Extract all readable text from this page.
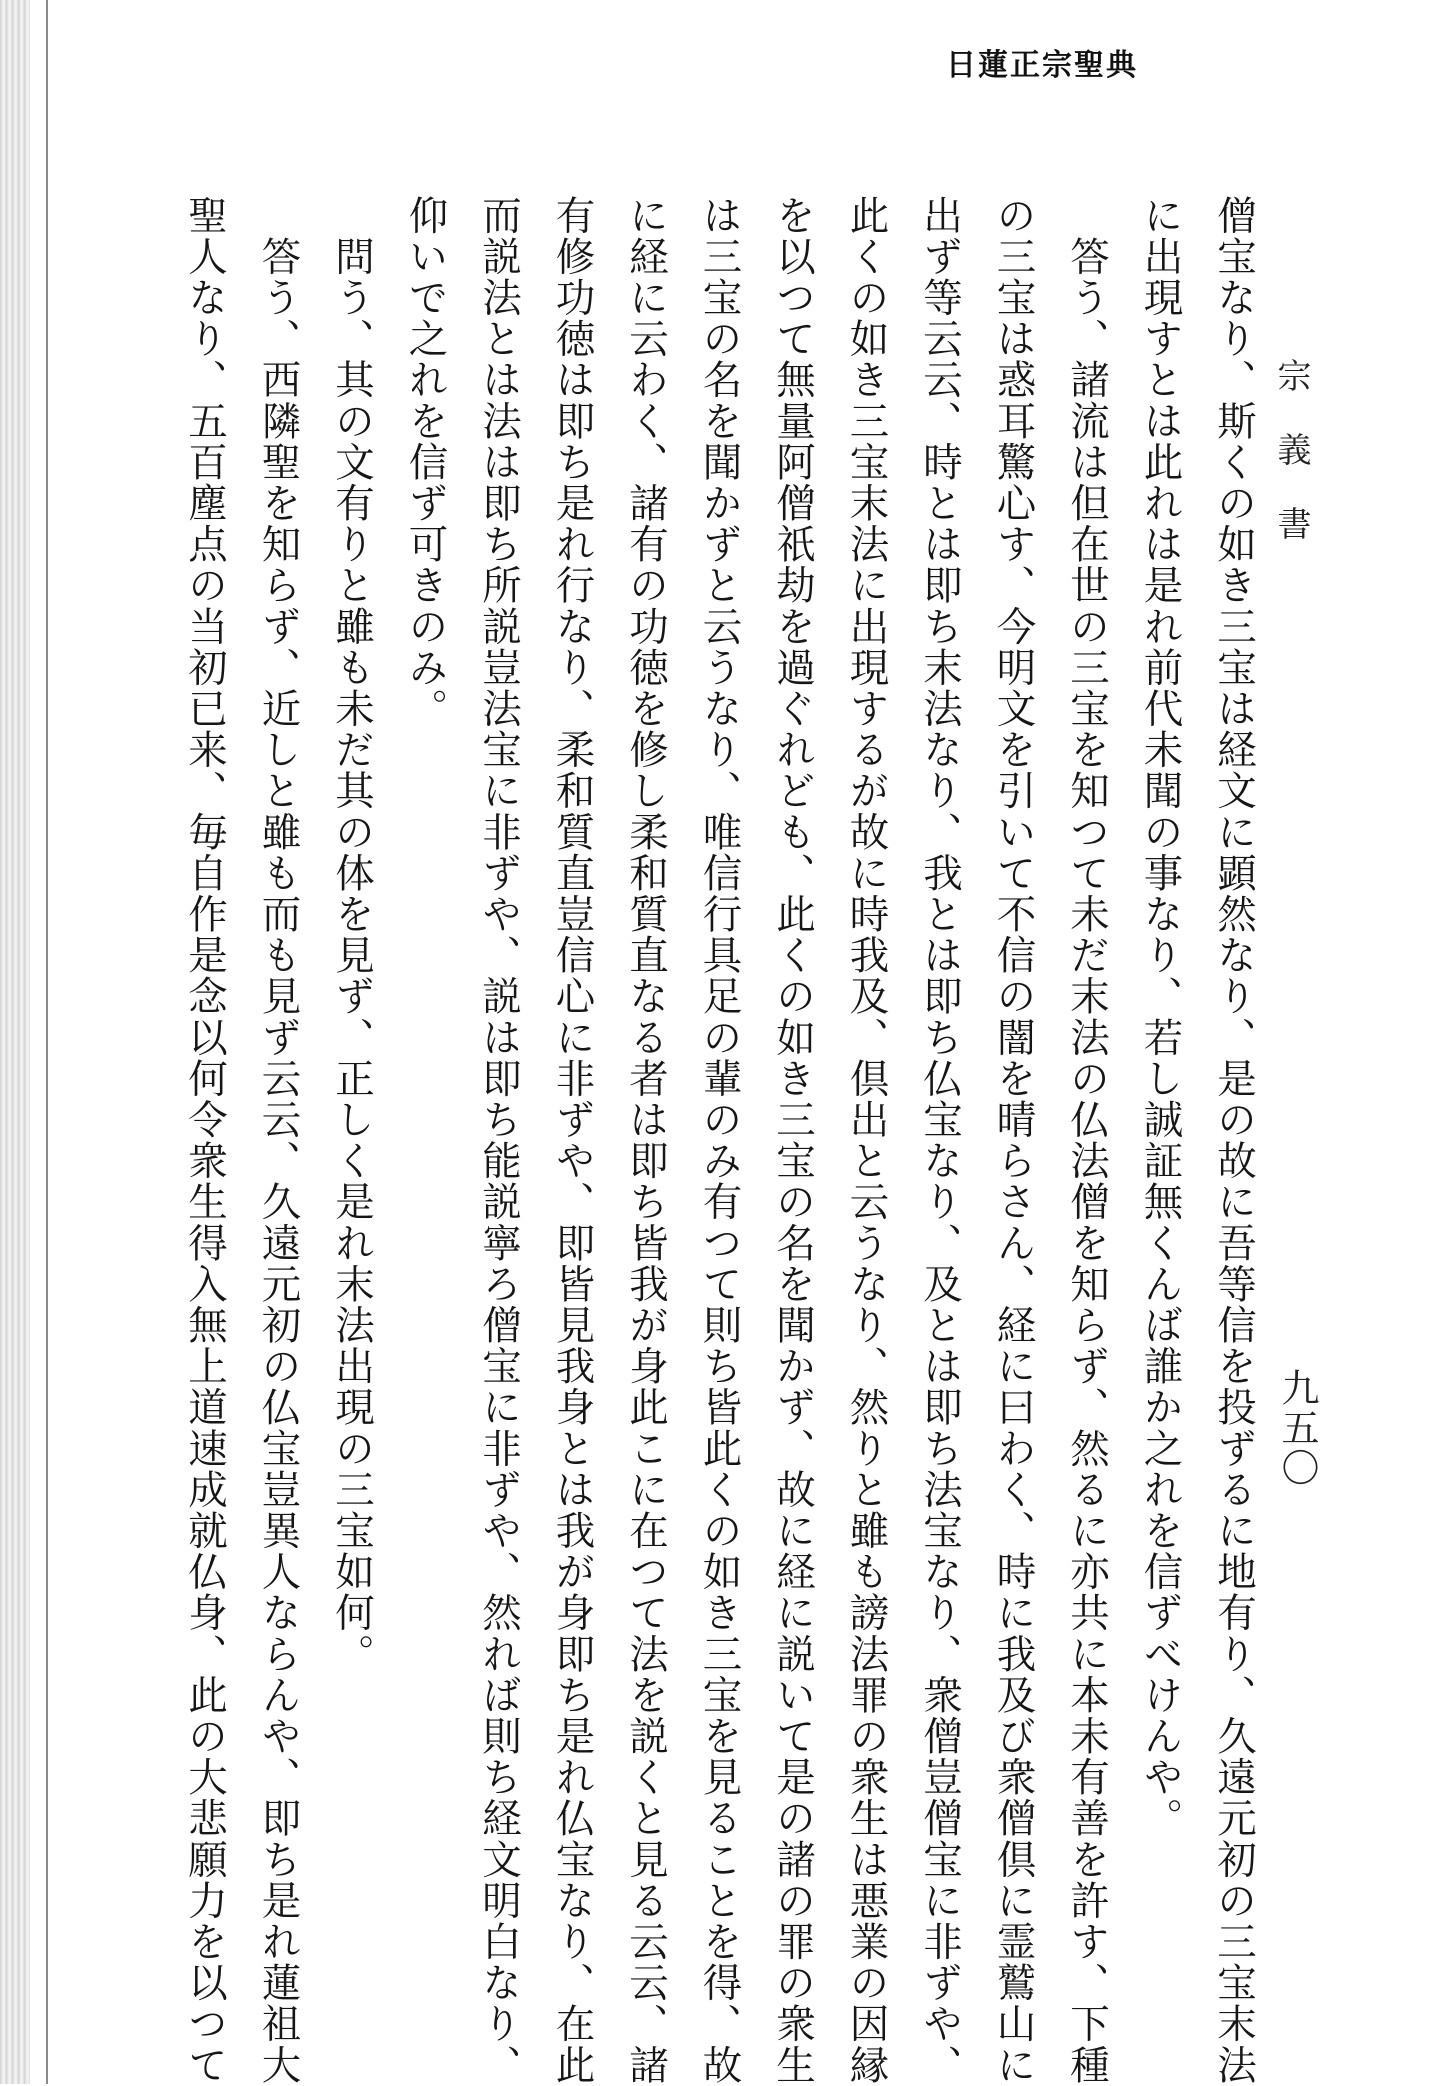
日蓮正宗聖典
宗義書
九五〇
僧宝なり、斯くの如き三宝は経文に顕然なり、是の故に吾等信を投ずるに地有り、久遠元初の三宝末法
に出現すとは此れは是れ前代未聞の事なり、若し誠証無くんば誰か之れを信ずべけんや。
　答う、諸流は但在世の三宝を知つて未だ末法の仏法僧を知らず、然るに亦共に本未有善を許す、下種
の三宝は惑耳驚心す、今明文を引いて不信の闇を晴らさん、経に曰わく、時に我及び衆僧倶に霊鷲山に
出ず等云云、時とは即ち末法なり、我とは即ち仏宝なり、及とは即ち法宝なり、衆僧豈僧宝に非ずや、
此くの如き三宝末法に出現するが故に時我及、倶出と云うなり、然りと雖も謗法罪の衆生は悪業の因縁
を以つて無量阿僧祇劫を過ぐれども、此くの如き三宝の名を聞かず、故に経に説いて是の諸の罪の衆生
は三宝の名を聞かずと云うなり、唯信行具足の輩のみ有つて則ち皆此くの如き三宝を見ることを得、故
に経に云わく、諸有の功徳を修し柔和質直なる者は即ち皆我が身此こに在つて法を説くと見る云云、諸
有修功徳は即ち是れ行なり、柔和質直豈信心に非ずや、即皆見我身とは我が身即ち是れ仏宝なり、在此
而説法とは法は即ち所説豈法宝に非ずや、説は即ち能説寧ろ僧宝に非ずや、然れば則ち経文明白なり、
仰いで之れを信ず可きのみ。
　問う、其の文有りと雖も未だ其の体を見ず、正しく是れ末法出現の三宝如何。
　答う、西隣聖を知らず、近しと雖も而も見ず云云、久遠元初の仏宝豈異人ならんや、即ち是れ蓮祖大
聖人なり、五百塵点の当初已来、毎自作是念以何令衆生得入無上道速成就仏身、此の大悲願力を以つて
